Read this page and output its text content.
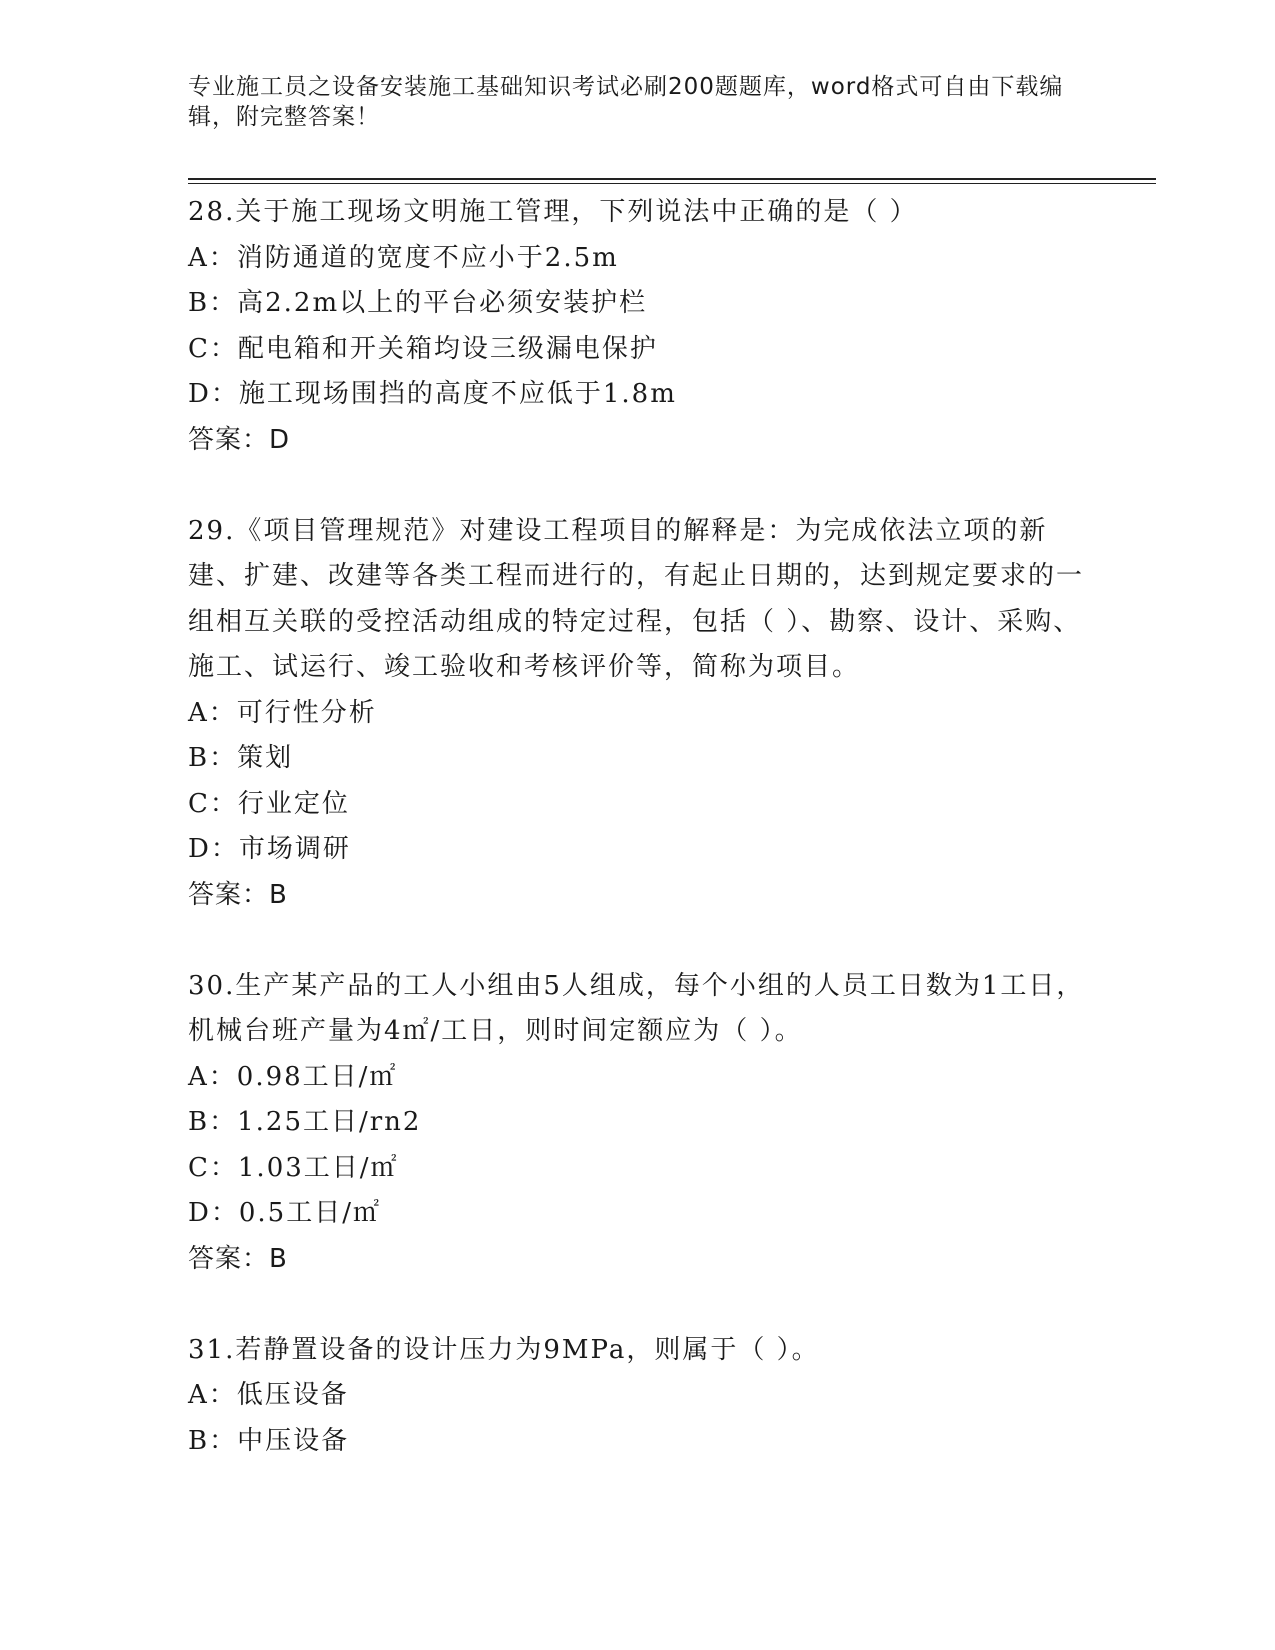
专业施工员之设备安装施工基础知识考试必刷200题题库，word格式可自由下载编辑，附完整答案！

28.关于施工现场文明施工管理，下列说法中正确的是（ ）

A：消防通道的宽度不应小于2.5m

B：高2.2m以上的平台必须安装护栏

C：配电箱和开关箱均设三级漏电保护

D：施工现场围挡的高度不应低于1.8m

答案：D

29.《项目管理规范》对建设工程项目的解释是：为完成依法立项的新建、扩建、改建等各类工程而进行的，有起止日期的，达到规定要求的一组相互关联的受控活动组成的特定过程，包括（ ）、勘察、设计、采购、施工、试运行、竣工验收和考核评价等，简称为项目。

A：可行性分析

B：策划

C：行业定位

D：市场调研

答案：B

30.生产某产品的工人小组由5人组成，每个小组的人员工日数为1工日，机械台班产量为4㎡/工日，则时间定额应为（ ）。

A：0.98工日/㎡

B：1.25工日/rn2

C：1.03工日/㎡

D：0.5工日/㎡

答案：B

31.若静置设备的设计压力为9MPa，则属于（ ）。

A：低压设备

B：中压设备
